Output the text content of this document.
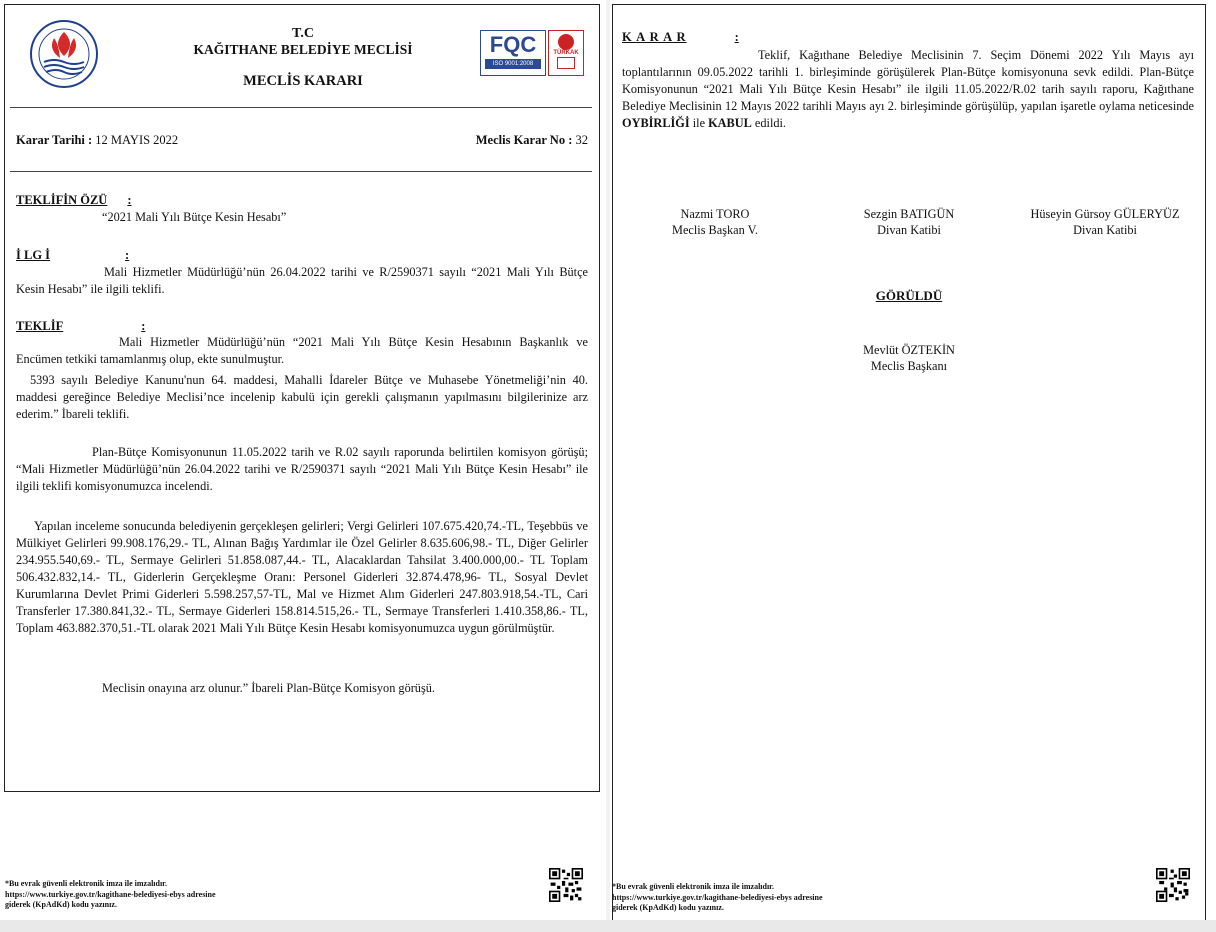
T.C
KAĞITHANE BELEDİYE MECLİSİ
MECLİS KARARI
FQC
ISO 9001:2008
TÜRKAK
Karar Tarihi : 12 MAYIS 2022	Meclis Karar No : 32
TEKLİFİN ÖZÜ :
“2021 Mali Yılı Bütçe Kesin Hesabı”
İ LG İ	:
Mali Hizmetler Müdürlüğü’nün 26.04.2022 tarihi ve R/2590371 sayılı “2021 Mali Yılı Bütçe Kesin Hesabı” ile ilgili teklifi.
TEKLİF	:
Mali Hizmetler Müdürlüğü’nün “2021 Mali Yılı Bütçe Kesin Hesabının Başkanlık ve Encümen tetkiki tamamlanmış olup, ekte sunulmuştur.
5393 sayılı Belediye Kanunu'nun 64. maddesi, Mahalli İdareler Bütçe ve Muhasebe Yönetmeliği’nin 40. maddesi gereğince Belediye Meclisi’nce incelenip kabulü için gerekli çalışmanın yapılmasını bilgilerinize arz ederim.” İbareli teklifi.
Plan-Bütçe Komisyonunun 11.05.2022 tarih ve R.02 sayılı raporunda belirtilen komisyon görüşü; “Mali Hizmetler Müdürlüğü’nün 26.04.2022 tarihi ve R/2590371 sayılı “2021 Mali Yılı Bütçe Kesin Hesabı” ile ilgili teklifi komisyonumuzca incelendi.
Yapılan inceleme sonucunda belediyenin gerçekleşen gelirleri; Vergi Gelirleri 107.675.420,74.-TL, Teşebbüs ve Mülkiyet Gelirleri 99.908.176,29.- TL, Alınan Bağış Yardımlar ile Özel Gelirler 8.635.606,98.- TL, Diğer Gelirler 234.955.540,69.- TL, Sermaye Gelirleri 51.858.087,44.- TL, Alacaklardan Tahsilat 3.400.000,00.- TL Toplam 506.432.832,14.- TL, Giderlerin Gerçekleşme Oranı: Personel Giderleri 32.874.478,96- TL, Sosyal Devlet Kurumlarına Devlet Primi Giderleri 5.598.257,57-TL, Mal ve Hizmet Alım Giderleri 247.803.918,54.-TL, Cari Transferler 17.380.841,32.- TL, Sermaye Giderleri 158.814.515,26.- TL, Sermaye Transferleri 1.410.358,86.- TL, Toplam 463.882.370,51.-TL olarak 2021 Mali Yılı Bütçe Kesin Hesabı komisyonumuzca uygun görülmüştür.
Meclisin onayına arz olunur.” İbareli Plan-Bütçe Komisyon görüşü.
*Bu evrak güvenli elektronik imza ile imzalıdır.
https://www.turkiye.gov.tr/kagithane-belediyesi-ebys adresine
giderek (KpAdKd) kodu yazınız.
K A R A R	:
Teklif, Kağıthane Belediye Meclisinin 7. Seçim Dönemi 2022 Yılı Mayıs ayı toplantılarının 09.05.2022 tarihli 1. birleşiminde görüşülerek Plan-Bütçe komisyonuna sevk edildi. Plan-Bütçe Komisyonunun “2021 Mali Yılı Bütçe Kesin Hesabı” ile ilgili 11.05.2022/R.02 tarih sayılı raporu, Kağıthane Belediye Meclisinin 12 Mayıs 2022 tarihli Mayıs ayı 2. birleşiminde görüşülüp, yapılan işaretle oylama neticesinde OYBİRLİĞİ ile KABUL edildi.
Nazmi TORO
Meclis Başkan V.
Sezgin BATIGÜN
Divan Katibi
Hüseyin Gürsoy GÜLERYÜZ
Divan Katibi
GÖRÜLDÜ
Mevlüt ÖZTEKİN
Meclis Başkanı
*Bu evrak güvenli elektronik imza ile imzalıdır.
https://www.turkiye.gov.tr/kagithane-belediyesi-ebys adresine
giderek (KpAdKd) kodu yazınız.
